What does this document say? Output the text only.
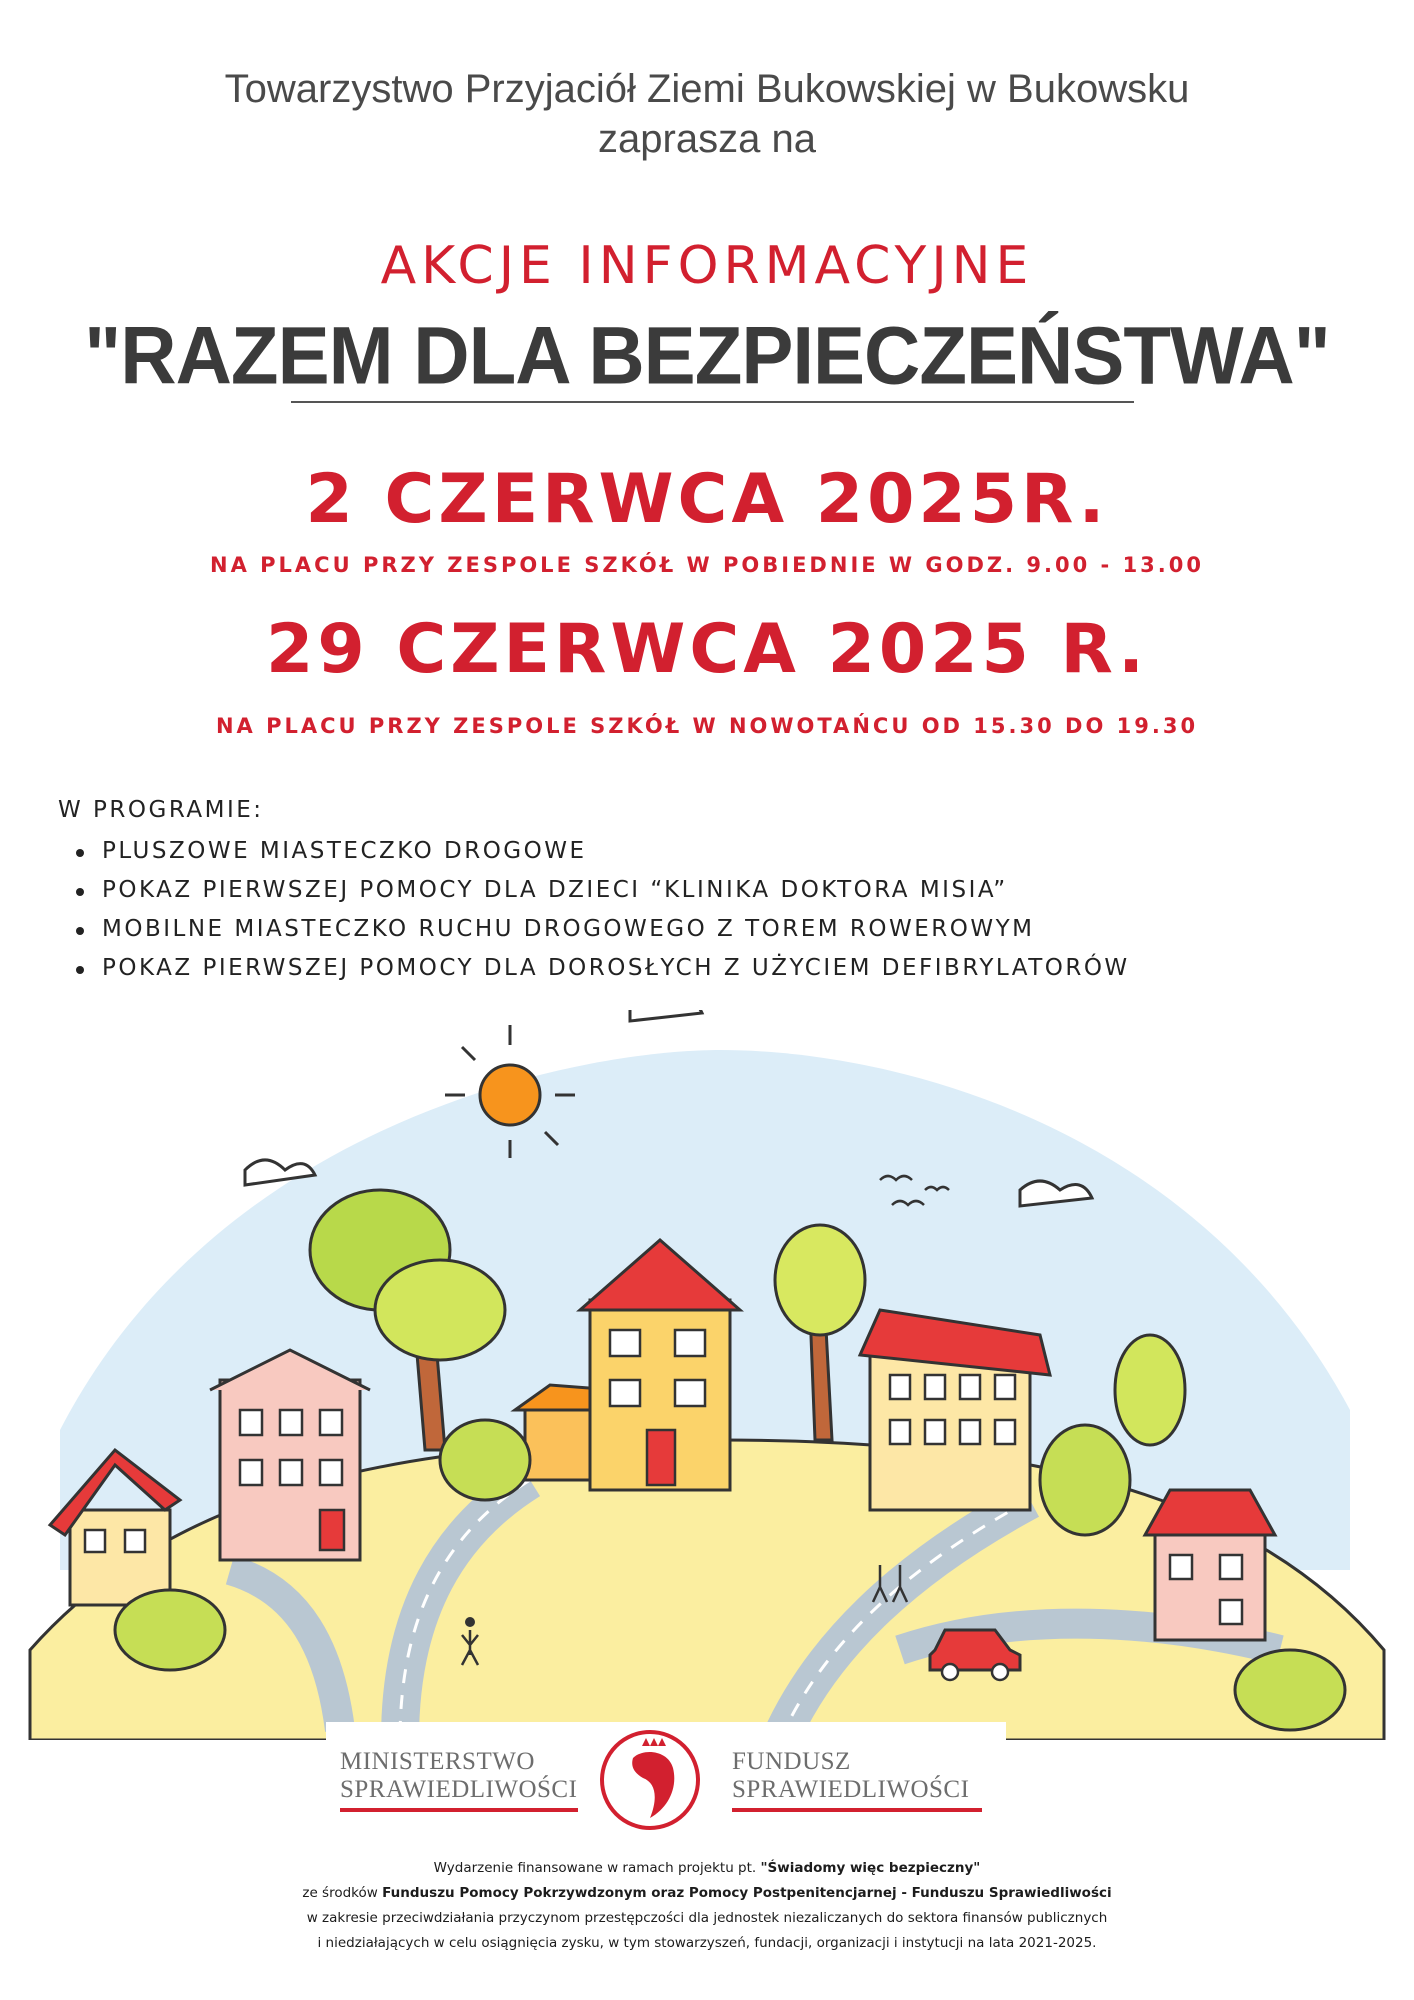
Towarzystwo Przyjaciół Ziemi Bukowskiej w Bukowsku
zaprasza na
AKCJE INFORMACYJNE
"RAZEM DLA BEZPIECZEŃSTWA"
2 CZERWCA 2025R.
NA PLACU PRZY ZESPOLE SZKÓŁ W POBIEDNIE W GODZ. 9.00 - 13.00
29 CZERWCA 2025 R.
NA PLACU PRZY ZESPOLE SZKÓŁ W NOWOTAŃCU OD 15.30 DO 19.30
W PROGRAMIE:
PLUSZOWE MIASTECZKO DROGOWE
POKAZ PIERWSZEJ POMOCY DLA DZIECI “KLINIKA DOKTORA MISIA”
MOBILNE MIASTECZKO RUCHU DROGOWEGO Z TOREM ROWEROWYM
POKAZ PIERWSZEJ POMOCY DLA DOROSŁYCH Z UŻYCIEM DEFIBRYLATORÓW
MINISTERSTWO
SPRAWIEDLIWOŚCI
FUNDUSZ
SPRAWIEDLIWOŚCI
Wydarzenie finansowane w ramach projektu pt. "Świadomy więc bezpieczny"
ze środków Funduszu Pomocy Pokrzywdzonym oraz Pomocy Postpenitencjarnej - Funduszu Sprawiedliwości
w zakresie przeciwdziałania przyczynom przestępczości dla jednostek niezaliczanych do sektora finansów publicznych
i niedziałających w celu osiągnięcia zysku, w tym stowarzyszeń, fundacji, organizacji i instytucji na lata 2021-2025.
